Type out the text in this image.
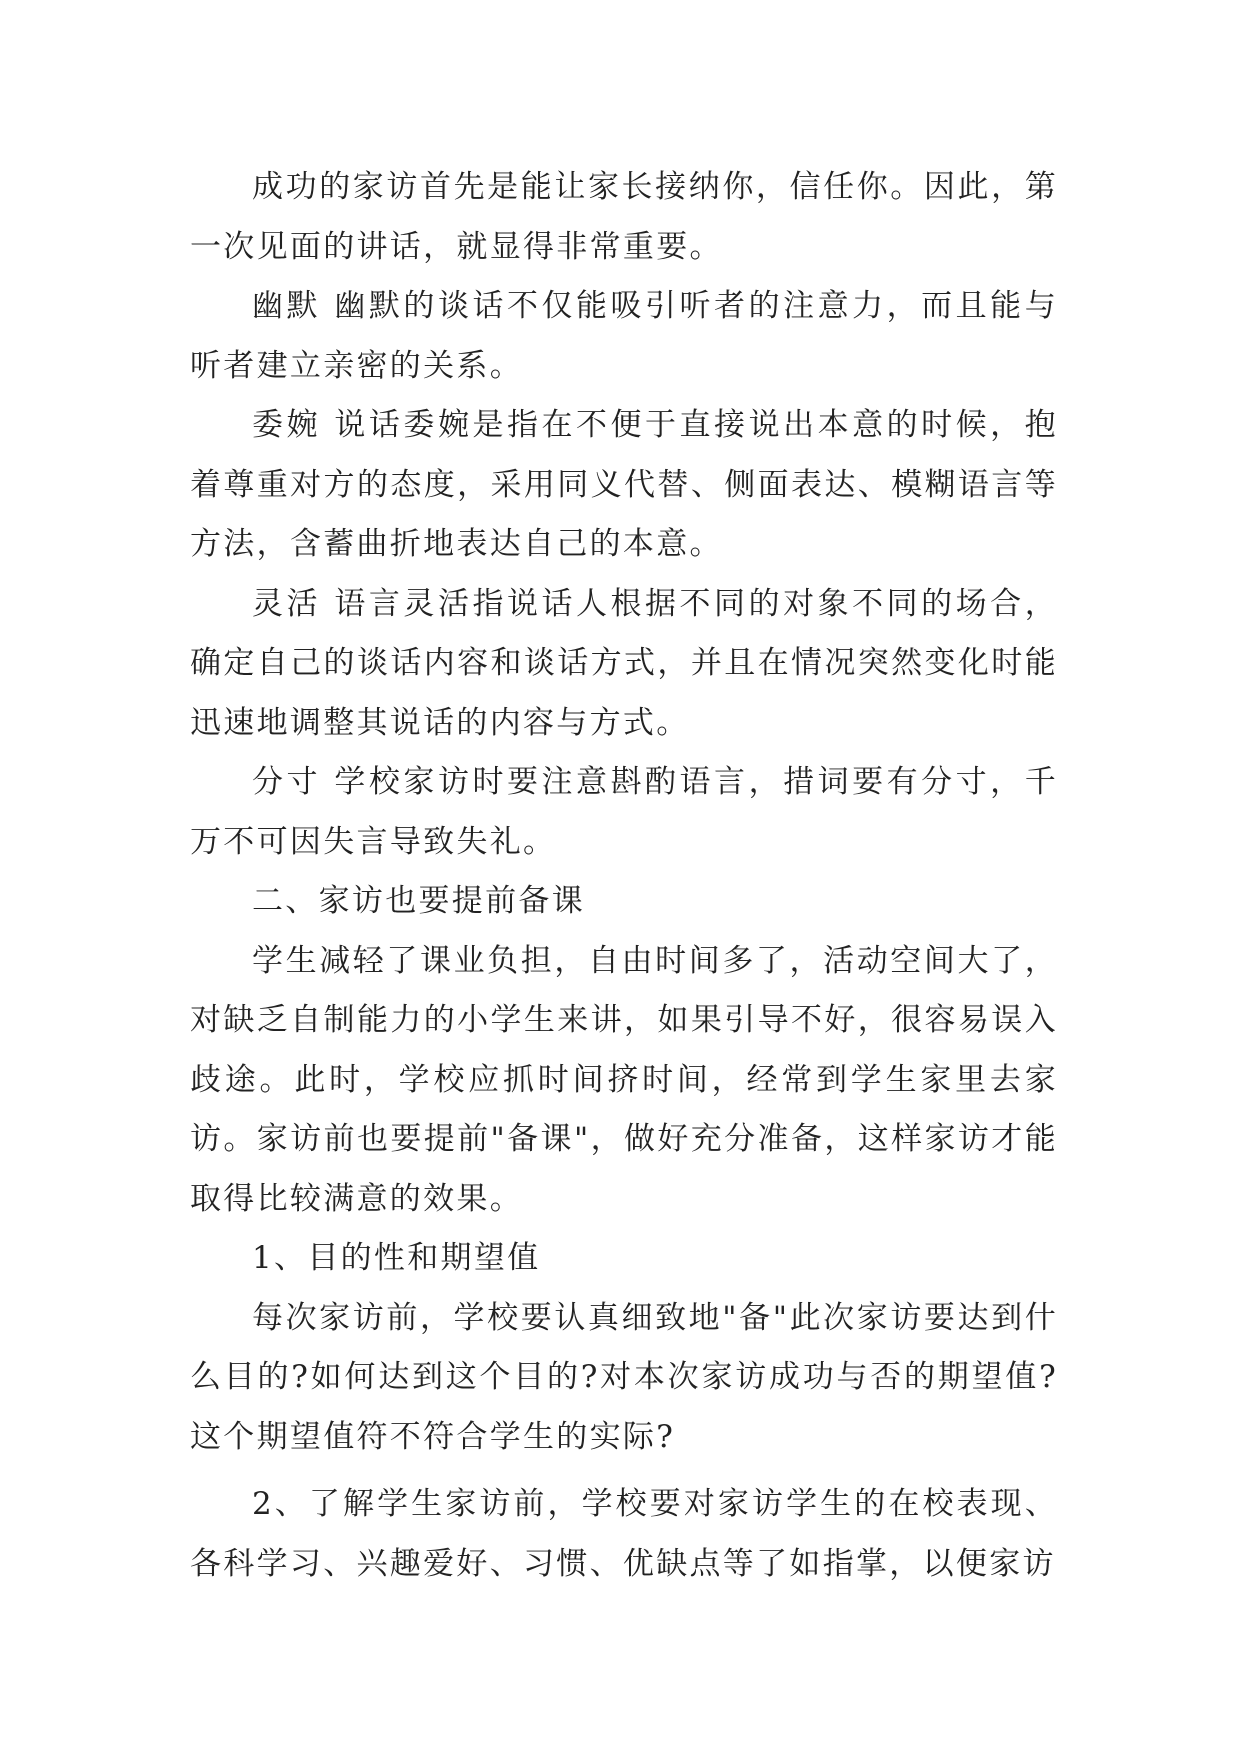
成功的家访首先是能让家长接纳你，信任你。因此，第一次见面的讲话，就显得非常重要。

幽默 幽默的谈话不仅能吸引听者的注意力，而且能与听者建立亲密的关系。

委婉 说话委婉是指在不便于直接说出本意的时候，抱着尊重对方的态度，采用同义代替、侧面表达、模糊语言等方法，含蓄曲折地表达自己的本意。

灵活 语言灵活指说话人根据不同的对象不同的场合，确定自己的谈话内容和谈话方式，并且在情况突然变化时能迅速地调整其说话的内容与方式。

分寸 学校家访时要注意斟酌语言，措词要有分寸，千万不可因失言导致失礼。

二、家访也要提前备课

学生减轻了课业负担，自由时间多了，活动空间大了，对缺乏自制能力的小学生来讲，如果引导不好，很容易误入歧途。此时，学校应抓时间挤时间，经常到学生家里去家访。家访前也要提前"备课"，做好充分准备，这样家访才能取得比较满意的效果。

1、目的性和期望值

每次家访前，学校要认真细致地"备"此次家访要达到什么目的?如何达到这个目的?对本次家访成功与否的期望值?这个期望值符不符合学生的实际?

2、了解学生家访前，学校要对家访学生的在校表现、各科学习、兴趣爱好、习惯、优缺点等了如指掌，以便家访
